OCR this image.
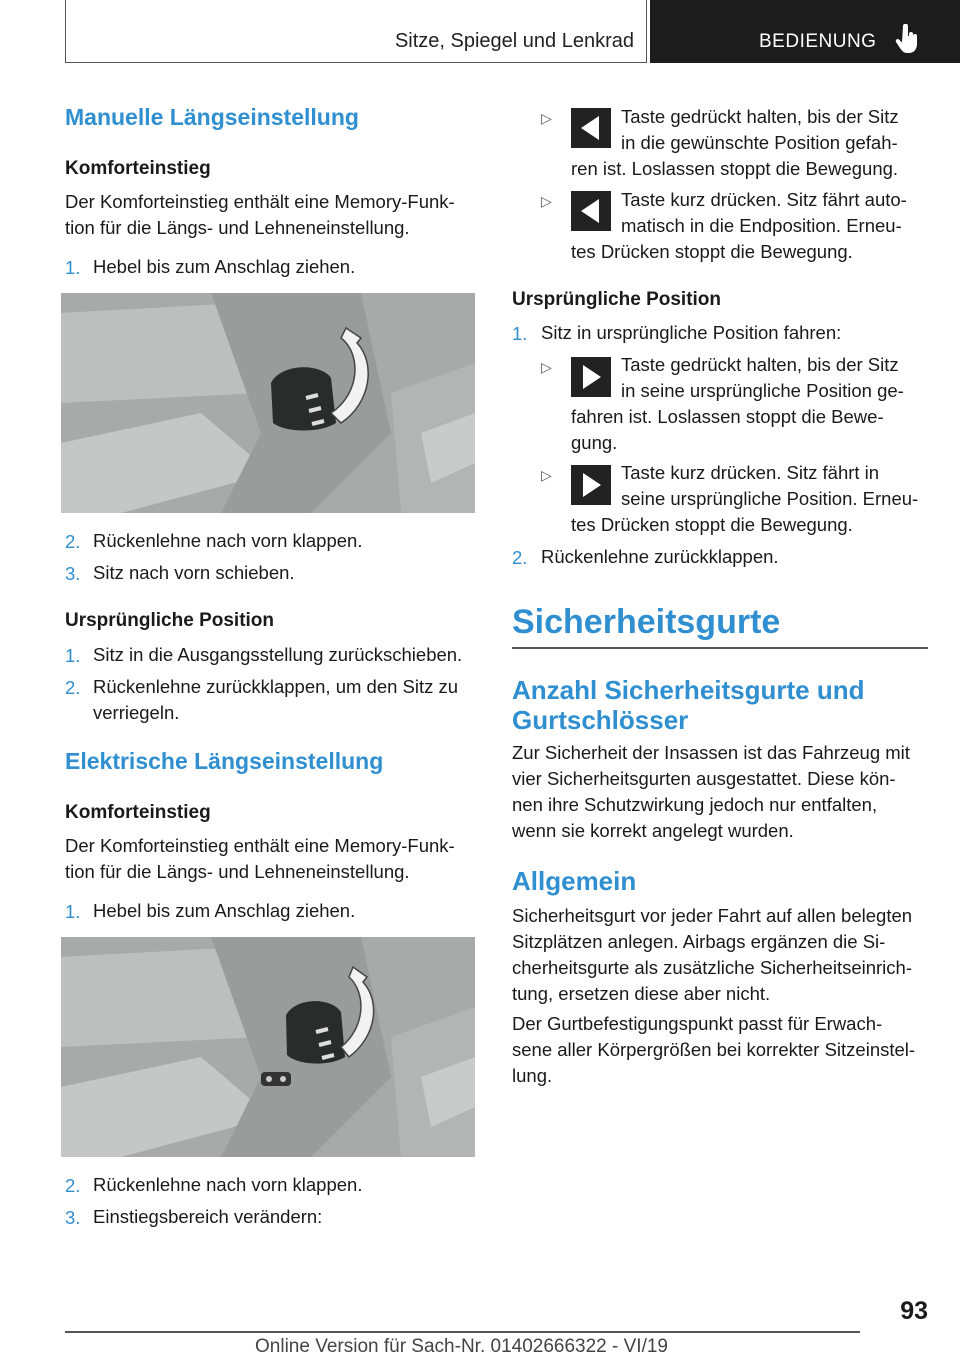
Sitze, Spiegel und Lenkrad	BEDIENUNG
Manuelle Längseinstellung
Komforteinstieg
Der Komforteinstieg enthält eine Memory-Funk-
tion für die Längs- und Lehneneinstellung.
1. Hebel bis zum Anschlag ziehen.
2. Rückenlehne nach vorn klappen.
3. Sitz nach vorn schieben.
Ursprüngliche Position
1. Sitz in die Ausgangsstellung zurückschieben.
2. Rückenlehne zurückklappen, um den Sitz zu
verriegeln.
Elektrische Längseinstellung
Komforteinstieg
Der Komforteinstieg enthält eine Memory-Funk-
tion für die Längs- und Lehneneinstellung.
1. Hebel bis zum Anschlag ziehen.
2. Rückenlehne nach vorn klappen.
3. Einstiegsbereich verändern:
▷	Taste gedrückt halten, bis der Sitz
in die gewünschte Position gefah-
ren ist. Loslassen stoppt die Bewegung.
▷	Taste kurz drücken. Sitz fährt auto-
matisch in die Endposition. Erneu-
tes Drücken stoppt die Bewegung.
Ursprüngliche Position
1. Sitz in ursprüngliche Position fahren:
▷	Taste gedrückt halten, bis der Sitz
in seine ursprüngliche Position ge-
fahren ist. Loslassen stoppt die Bewe-
gung.
▷	Taste kurz drücken. Sitz fährt in
seine ursprüngliche Position. Erneu-
tes Drücken stoppt die Bewegung.
2. Rückenlehne zurückklappen.
Sicherheitsgurte
Anzahl Sicherheitsgurte und
Gurtschlösser
Zur Sicherheit der Insassen ist das Fahrzeug mit
vier Sicherheitsgurten ausgestattet. Diese kön-
nen ihre Schutzwirkung jedoch nur entfalten,
wenn sie korrekt angelegt wurden.
Allgemein
Sicherheitsgurt vor jeder Fahrt auf allen belegten
Sitzplätzen anlegen. Airbags ergänzen die Si-
cherheitsgurte als zusätzliche Sicherheitseinrich-
tung, ersetzen diese aber nicht.
Der Gurtbefestigungspunkt passt für Erwach-
sene aller Körpergrößen bei korrekter Sitzeinstel-
lung.
93
Online Version für Sach-Nr. 01402666322 - VI/19
